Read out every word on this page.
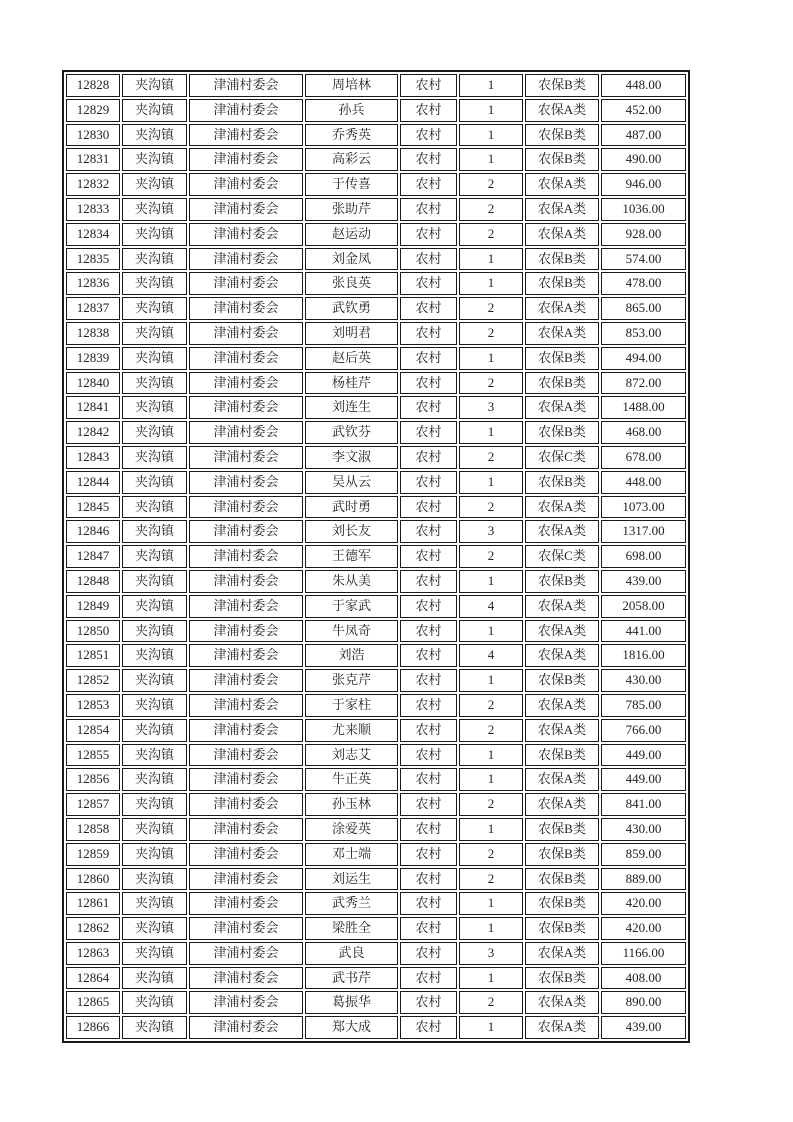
12828	夹沟镇	津浦村委会	周培林	农村	1	农保B类	448.00
12829	夹沟镇	津浦村委会	孙兵	农村	1	农保A类	452.00
12830	夹沟镇	津浦村委会	乔秀英	农村	1	农保B类	487.00
12831	夹沟镇	津浦村委会	高彩云	农村	1	农保B类	490.00
12832	夹沟镇	津浦村委会	于传喜	农村	2	农保A类	946.00
12833	夹沟镇	津浦村委会	张助芹	农村	2	农保A类	1036.00
12834	夹沟镇	津浦村委会	赵运动	农村	2	农保A类	928.00
12835	夹沟镇	津浦村委会	刘金凤	农村	1	农保B类	574.00
12836	夹沟镇	津浦村委会	张良英	农村	1	农保B类	478.00
12837	夹沟镇	津浦村委会	武钦勇	农村	2	农保A类	865.00
12838	夹沟镇	津浦村委会	刘明君	农村	2	农保A类	853.00
12839	夹沟镇	津浦村委会	赵后英	农村	1	农保B类	494.00
12840	夹沟镇	津浦村委会	杨桂芹	农村	2	农保B类	872.00
12841	夹沟镇	津浦村委会	刘连生	农村	3	农保A类	1488.00
12842	夹沟镇	津浦村委会	武钦芬	农村	1	农保B类	468.00
12843	夹沟镇	津浦村委会	李文淑	农村	2	农保C类	678.00
12844	夹沟镇	津浦村委会	吴从云	农村	1	农保B类	448.00
12845	夹沟镇	津浦村委会	武时勇	农村	2	农保A类	1073.00
12846	夹沟镇	津浦村委会	刘长友	农村	3	农保A类	1317.00
12847	夹沟镇	津浦村委会	王德军	农村	2	农保C类	698.00
12848	夹沟镇	津浦村委会	朱从美	农村	1	农保B类	439.00
12849	夹沟镇	津浦村委会	于家武	农村	4	农保A类	2058.00
12850	夹沟镇	津浦村委会	牛凤奇	农村	1	农保A类	441.00
12851	夹沟镇	津浦村委会	刘浩	农村	4	农保A类	1816.00
12852	夹沟镇	津浦村委会	张克芹	农村	1	农保B类	430.00
12853	夹沟镇	津浦村委会	于家柱	农村	2	农保A类	785.00
12854	夹沟镇	津浦村委会	尤来顺	农村	2	农保A类	766.00
12855	夹沟镇	津浦村委会	刘志艾	农村	1	农保B类	449.00
12856	夹沟镇	津浦村委会	牛正英	农村	1	农保A类	449.00
12857	夹沟镇	津浦村委会	孙玉林	农村	2	农保A类	841.00
12858	夹沟镇	津浦村委会	涂爱英	农村	1	农保B类	430.00
12859	夹沟镇	津浦村委会	邓士端	农村	2	农保B类	859.00
12860	夹沟镇	津浦村委会	刘运生	农村	2	农保B类	889.00
12861	夹沟镇	津浦村委会	武秀兰	农村	1	农保B类	420.00
12862	夹沟镇	津浦村委会	梁胜全	农村	1	农保B类	420.00
12863	夹沟镇	津浦村委会	武良	农村	3	农保A类	1166.00
12864	夹沟镇	津浦村委会	武书芹	农村	1	农保B类	408.00
12865	夹沟镇	津浦村委会	葛振华	农村	2	农保A类	890.00
12866	夹沟镇	津浦村委会	郑大成	农村	1	农保A类	439.00
